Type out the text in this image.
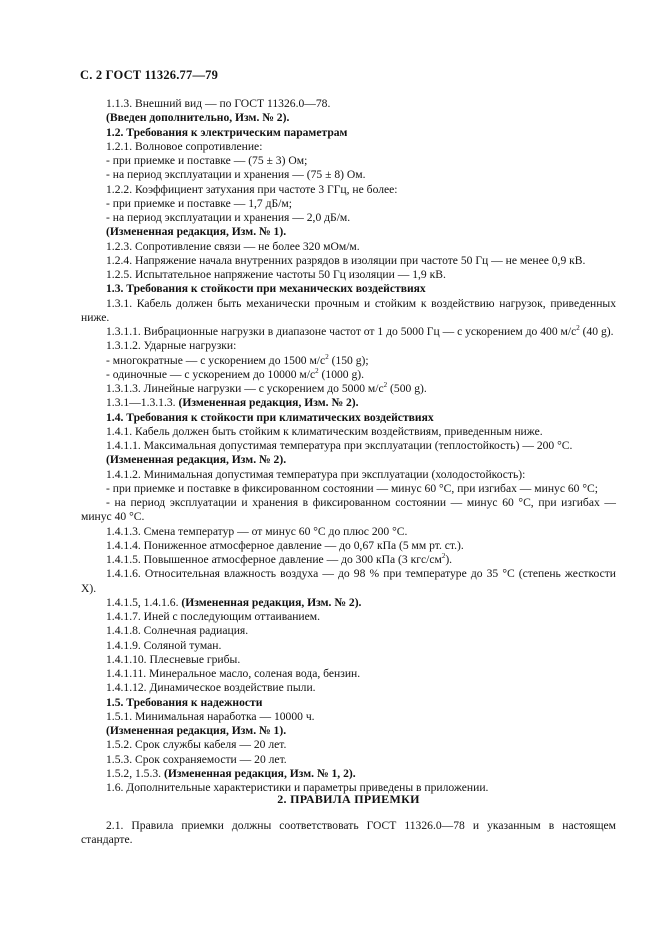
С. 2 ГОСТ 11326.77—79
1.1.3. Внешний вид — по ГОСТ 11326.0—78.
(Введен дополнительно, Изм. № 2).
1.2. Требования к электрическим параметрам
1.2.1. Волновое сопротивление:
- при приемке и поставке — (75 ± 3) Ом;
- на период эксплуатации и хранения — (75 ± 8) Ом.
1.2.2. Коэффициент затухания при частоте 3 ГГц, не более:
- при приемке и поставке — 1,7 дБ/м;
- на период эксплуатации и хранения — 2,0 дБ/м.
(Измененная редакция, Изм. № 1).
1.2.3. Сопротивление связи — не более 320 мОм/м.
1.2.4. Напряжение начала внутренних разрядов в изоляции при частоте 50 Гц — не менее 0,9 кВ.
1.2.5. Испытательное напряжение частоты 50 Гц изоляции — 1,9 кВ.
1.3. Требования к стойкости при механических воздействиях
1.3.1. Кабель должен быть механически прочным и стойким к воздействию нагрузок, приведенных ниже.
1.3.1.1. Вибрационные нагрузки в диапазоне частот от 1 до 5000 Гц — с ускорением до 400 $м/с^2$ (40 g).
1.3.1.2. Ударные нагрузки:
- многократные — с ускорением до 1500 $м/с^2$ (150 g);
- одиночные — с ускорением до 10000 $м/с^2$ (1000 g).
1.3.1.3. Линейные нагрузки — с ускорением до 5000 $м/с^2$ (500 g).
1.3.1—1.3.1.3. (Измененная редакция, Изм. № 2).
1.4. Требования к стойкости при климатических воздействиях
1.4.1. Кабель должен быть стойким к климатическим воздействиям, приведенным ниже.
1.4.1.1. Максимальная допустимая температура при эксплуатации (теплостойкость) — 200 °С.
(Измененная редакция, Изм. № 2).
1.4.1.2. Минимальная допустимая температура при эксплуатации (холодостойкость):
- при приемке и поставке в фиксированном состоянии — минус 60 °С, при изгибах — минус 60 °С;
- на период эксплуатации и хранения в фиксированном состоянии — минус 60 °С, при изгибах — минус 40 °С.
1.4.1.3. Смена температур — от минус 60 °С до плюс 200 °С.
1.4.1.4. Пониженное атмосферное давление — до 0,67 кПа (5 мм рт. ст.).
1.4.1.5. Повышенное атмосферное давление — до 300 кПа (3 кгс/$см^2$).
1.4.1.6. Относительная влажность воздуха — до 98 % при температуре до 35 °С (степень жесткости X).
1.4.1.5, 1.4.1.6. (Измененная редакция, Изм. № 2).
1.4.1.7. Иней с последующим оттаиванием.
1.4.1.8. Солнечная радиация.
1.4.1.9. Соляной туман.
1.4.1.10. Плесневые грибы.
1.4.1.11. Минеральное масло, соленая вода, бензин.
1.4.1.12. Динамическое воздействие пыли.
1.5. Требования к надежности
1.5.1. Минимальная наработка — 10000 ч.
(Измененная редакция, Изм. № 1).
1.5.2. Срок службы кабеля — 20 лет.
1.5.3. Срок сохраняемости — 20 лет.
1.5.2, 1.5.3. (Измененная редакция, Изм. № 1, 2).
1.6. Дополнительные характеристики и параметры приведены в приложении.
2. ПРАВИЛА ПРИЕМКИ
2.1. Правила приемки должны соответствовать ГОСТ 11326.0—78 и указанным в настоящем стандарте.
